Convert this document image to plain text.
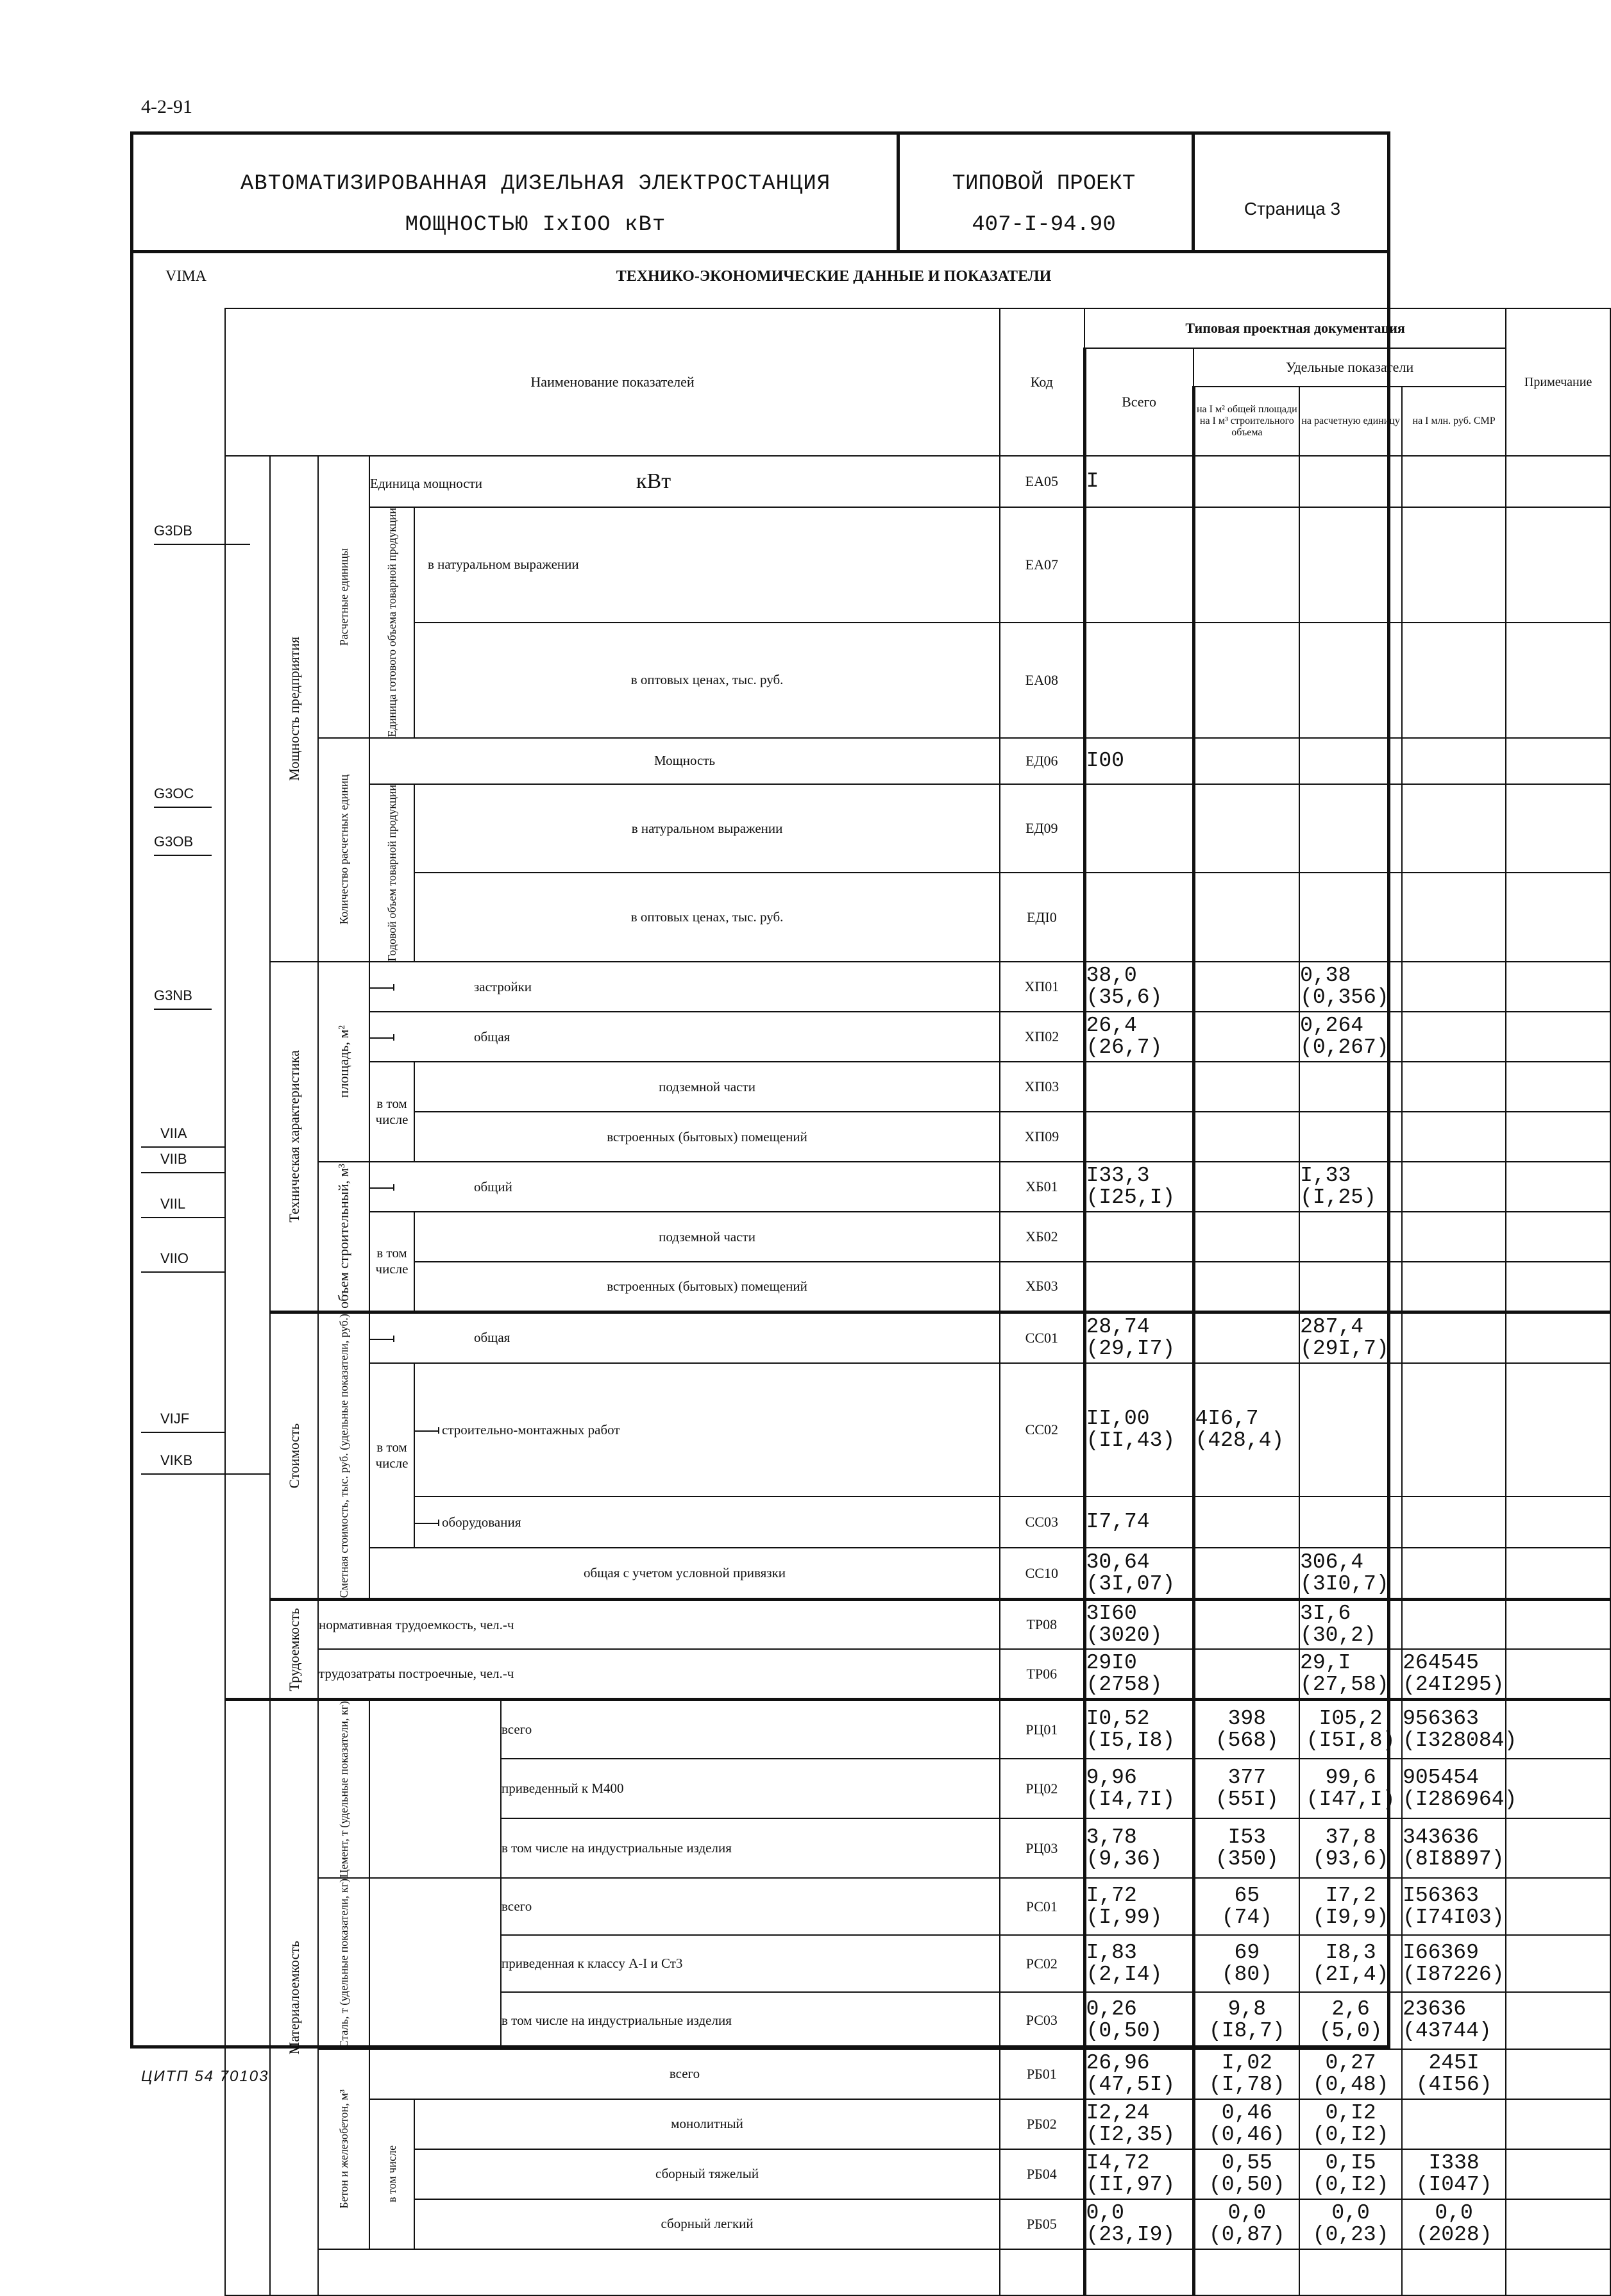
4-2-91
АВТОМАТИЗИРОВАННАЯ ДИЗЕЛЬНАЯ ЭЛЕКТРОСТАНЦИЯ
МОЩНОСТЬЮ IxIOO кВт
ТИПОВОЙ ПРОЕКТ
407-I-94.90
Страница 3
VIMA	ТЕХНИКО-ЭКОНОМИЧЕСКИЕ ДАННЫЕ И ПОКАЗАТЕЛИ
G3DB
G3OC
G3OB
G3NB
VIIA
VIIB
VIIL
VIIO
VIJF
VIKB
Наименование показателей						Код	Типовая проектная документация				Примечание
							Всего	Удельные показатели			
								на I м² общей площади на I м³ строительного объема	на расчетную единицу	на I млн. руб. СМР	

	Мощность предприятия	Расчетные единицы	Единица мощности кВт			EA05	I				

			Единица готового объема товарной продукции	в натуральном выражении		EA07					
				в оптовых ценах, тыс. руб.		EA08					

		Количество расчетных единиц	Мощность			ЕД06	I00				

			Годовой объем товарной продукции	в натуральном выражении		ЕД09					
				в оптовых ценах, тыс. руб.		ЕДI0					

	Техническая характеристика	площадь, м²	застройки			ХП01	38,0
(35,6)		0,38
(0,356)		

			общая			ХП02	26,4
(26,7)		0,264
(0,267)		

			в том числе	подземной части		ХП03					
				встроенных (бытовых) помещений		ХП09					

		объем строительный, м³	общий			ХБ01	I33,3
(I25,I)		I,33
(I,25)		

			в том числе	подземной части		ХБ02					
				встроенных (бытовых) помещений		ХБ03					

	Стоимость	Сметная стоимость, тыс. руб. (удельные показатели, руб.)	общая			СС01	28,74
(29,I7)		287,4
(29I,7)		

			в том числе	строительно-монтажных работ		СС02	II,00
(II,43)	4I6,7
(428,4)			

				оборудования		СС03	I7,74				
			общая с учетом условной привязки			СС10	30,64
(3I,07)		306,4
(3I0,7)		

	Трудоемкость	нормативная трудоемкость, чел.-ч				ТР08	3I60
(3020)		3I,6
(30,2)		

		трудозатраты построечные, чел.-ч				ТР06	29I0
(2758)		29,I
(27,58)	264545
(24I295)	

	Материалоемкость	Цемент, т (удельные показатели, кг)			всего	РЦ01	I0,52
(I5,I8)	398
(568)	I05,2
(I5I,8)	956363
(I328084)	

					приведенный к М400	РЦ02	9,96
(I4,7I)	377
(55I)	99,6
(I47,I)	905454
(I286964)	

					в том числе на индустриальные изделия	РЦ03	3,78
(9,36)	I53
(350)	37,8
(93,6)	343636
(8I8897)	

		Сталь, т (удельные показатели, кг)			всего	РС01	I,72
(I,99)	65
(74)	I7,2
(I9,9)	I56363
(I74I03)	

					приведенная к классу А-I и Ст3	РС02	I,83
(2,I4)	69
(80)	I8,3
(2I,4)	I66369
(I87226)	

					в том числе на индустриальные изделия	РС03	0,26
(0,50)	9,8
(I8,7)	2,6
(5,0)	23636
(43744)	

		Бетон и железобетон, м³	всего			РБ01	26,96
(47,5I)	I,02
(I,78)	0,27
(0,48)	245I
(4I56)	

			в том числе	монолитный		РБ02	I2,24
(I2,35)	0,46
(0,46)	0,I2
(0,I2)		

				сборный тяжелый		РБ04	I4,72
(II,97)	0,55
(0,50)	0,I5
(0,I2)	I338
(I047)	

				сборный легкий		РБ05	0,0
(23,I9)	0,0
(0,87)	0,0
(0,23)	0,0
(2028)	

ЦИТП 54 70103
